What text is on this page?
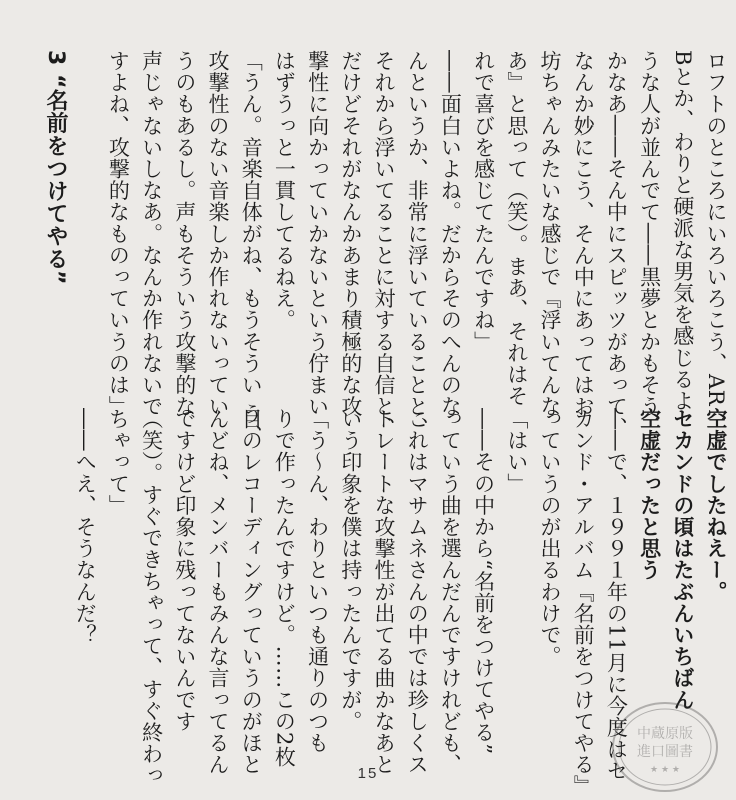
3 “名前をつけてやる”	ロフトのところにいろいろこう、AR
Bとか、わりと硬派な男気を感じるよ
うな人が並んでて――黒夢とかもそう
かなあ――そん中にスピッツがあって、
なんか妙にこう、そん中にあってはお
坊ちゃんみたいな感じで『浮いてんな
あ』と思って（笑）。まあ、それはそ
れで喜びを感じてたんですね」
――面白いよね。だからそのへんのな
んというか、非常に浮いていることと、
それから浮いてることに対する自信と、
だけどそれがなんかあまり積極的な攻
撃性に向かっていかないという佇まい
はずうっと一貫してるねえ。
「うん。音楽自体がね、もうそうい う、
攻撃性のない音楽しか作れないってい
うのもあるし。声もそういう攻撃的な
声じゃないしなあ。なんか作れないで
すよね、攻撃的なものっていうのは」
空虚でしたねえー。
セカンドの頃はたぶんいちばん
空虚だったと思う
――で、１９９１年の11月に今度はセ
カンド・アルバム『名前をつけてやる』
っていうのが出るわけで。
「はい」
――その中から“名前をつけてやる”
っていう曲を選んだんですけれども、
これはマサムネさんの中では珍しくス
トレートな攻撃性が出てる曲かなあと
いう印象を僕は持ったんですが。
「う～ん、わりといつも通りのつも
りで作ったんですけど。……この2枚
目のレコーディングっていうのがほと
んどね、メンバーもみんな言ってるん
ですけど印象に残ってないんです
（笑）。すぐできちゃって、すぐ終わっ
ちゃって」
――へえ、そうなんだ？
15
中蔵原版
進口圖書
★ ★ ★
